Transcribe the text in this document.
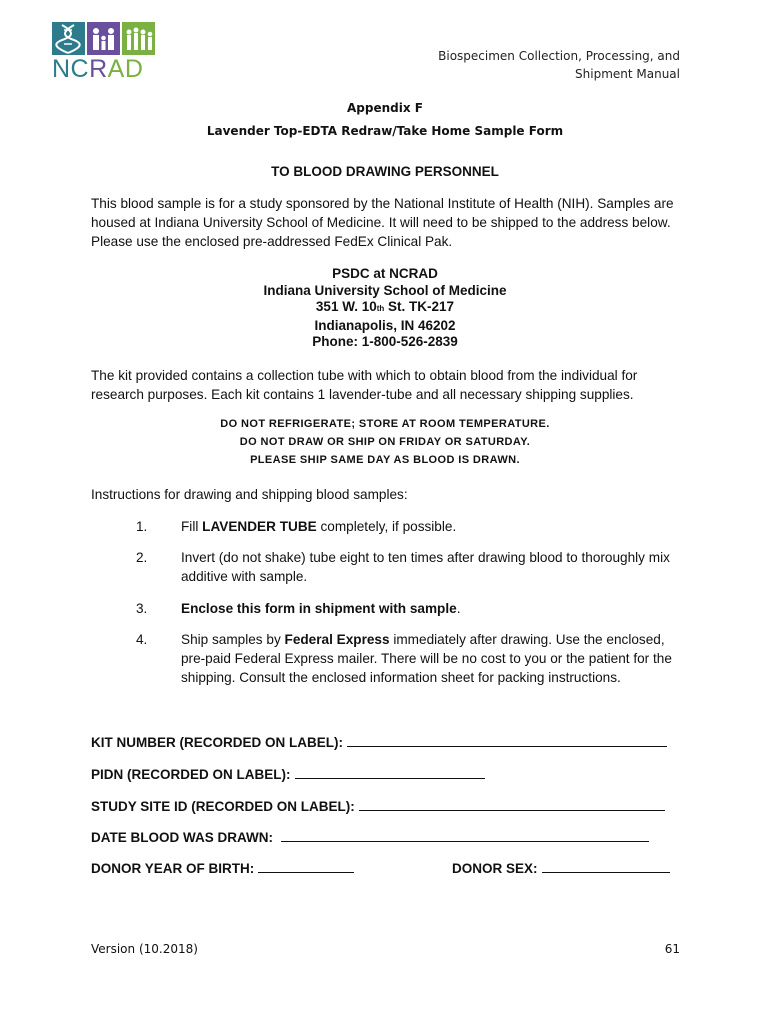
NCRAD	Biospecimen Collection, Processing, and
Shipment Manual
Appendix F
Lavender Top-EDTA Redraw/Take Home Sample Form
TO BLOOD DRAWING PERSONNEL
This blood sample is for a study sponsored by the National Institute of Health (NIH). Samples are housed at Indiana University School of Medicine. It will need to be shipped to the address below. Please use the enclosed pre-addressed FedEx Clinical Pak.
PSDC at NCRAD
Indiana University School of Medicine
351 W. 10th St. TK-217
Indianapolis, IN 46202
Phone: 1-800-526-2839
The kit provided contains a collection tube with which to obtain blood from the individual for research purposes. Each kit contains 1 lavender-tube and all necessary shipping supplies.
DO NOT REFRIGERATE; STORE AT ROOM TEMPERATURE.
DO NOT DRAW OR SHIP ON FRIDAY OR SATURDAY.
PLEASE SHIP SAME DAY AS BLOOD IS DRAWN.
Instructions for drawing and shipping blood samples:
1. Fill LAVENDER TUBE completely, if possible.
2. Invert (do not shake) tube eight to ten times after drawing blood to thoroughly mix additive with sample.
3. Enclose this form in shipment with sample.
4. Ship samples by Federal Express immediately after drawing. Use the enclosed, pre-paid Federal Express mailer. There will be no cost to you or the patient for the shipping. Consult the enclosed information sheet for packing instructions.
KIT NUMBER (RECORDED ON LABEL):
PIDN (RECORDED ON LABEL):
STUDY SITE ID (RECORDED ON LABEL):
DATE BLOOD WAS DRAWN:
DONOR YEAR OF BIRTH:	DONOR SEX:
Version (10.2018)	61
